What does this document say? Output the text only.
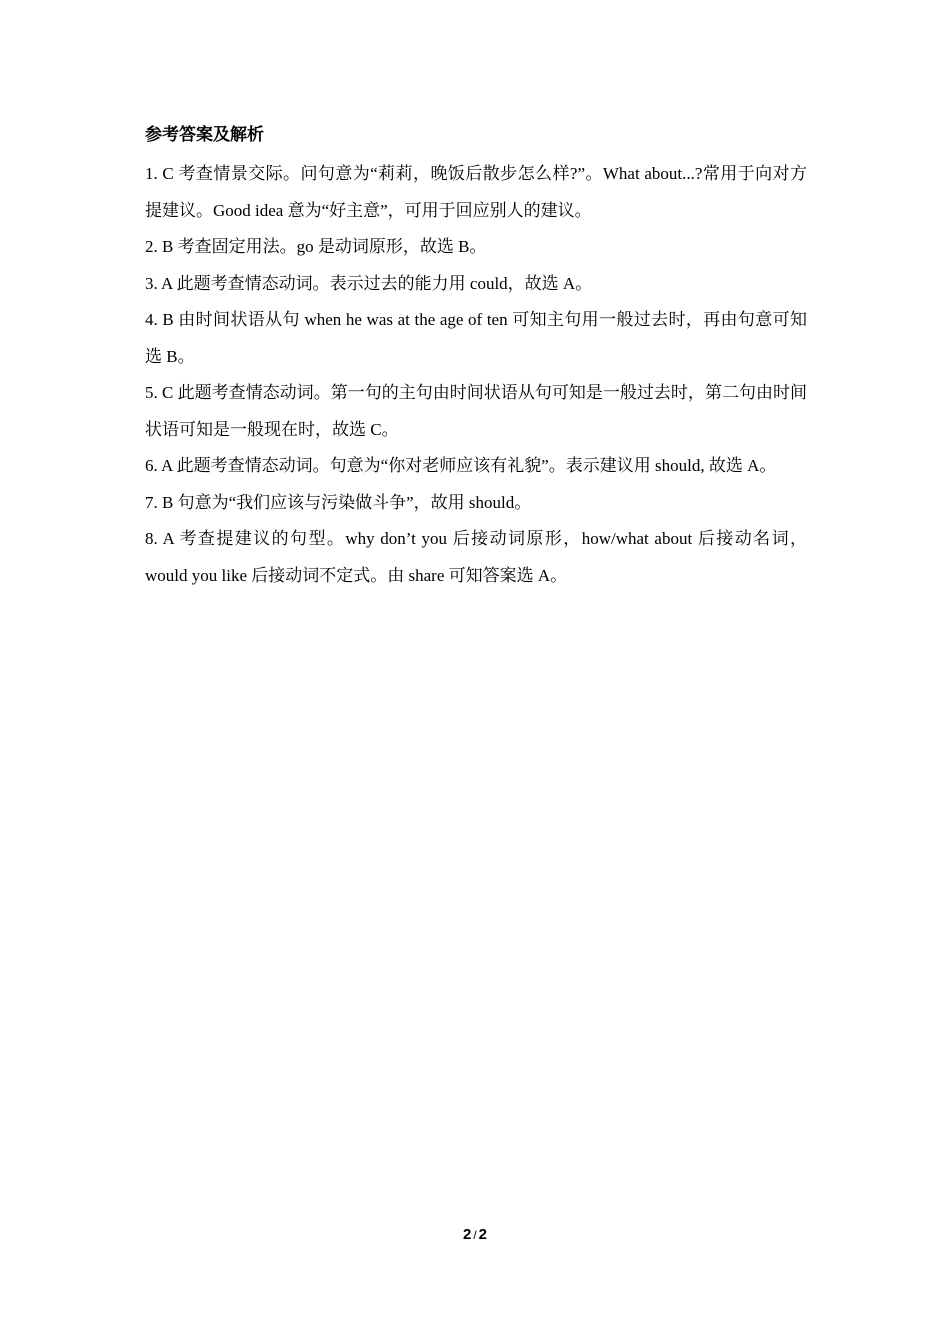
参考答案及解析

1. C 考查情景交际。问句意为“莉莉，晚饭后散步怎么样?”。What about...?常用于向对方提建议。Good idea 意为“好主意”，可用于回应别人的建议。

2. B 考查固定用法。go 是动词原形，故选 B。

3. A 此题考查情态动词。表示过去的能力用 could，故选 A。

4. B 由时间状语从句 when he was at the age of ten 可知主句用一般过去时，再由句意可知选 B。

5. C 此题考查情态动词。第一句的主句由时间状语从句可知是一般过去时，第二句由时间状语可知是一般现在时，故选 C。

6. A 此题考查情态动词。句意为“你对老师应该有礼貌”。表示建议用 should, 故选 A。

7. B 句意为“我们应该与污染做斗争”，故用 should。

8. A 考查提建议的句型。why don’t you 后接动词原形，how/what about 后接动名词，would you like 后接动词不定式。由 share 可知答案选 A。

2 / 2
